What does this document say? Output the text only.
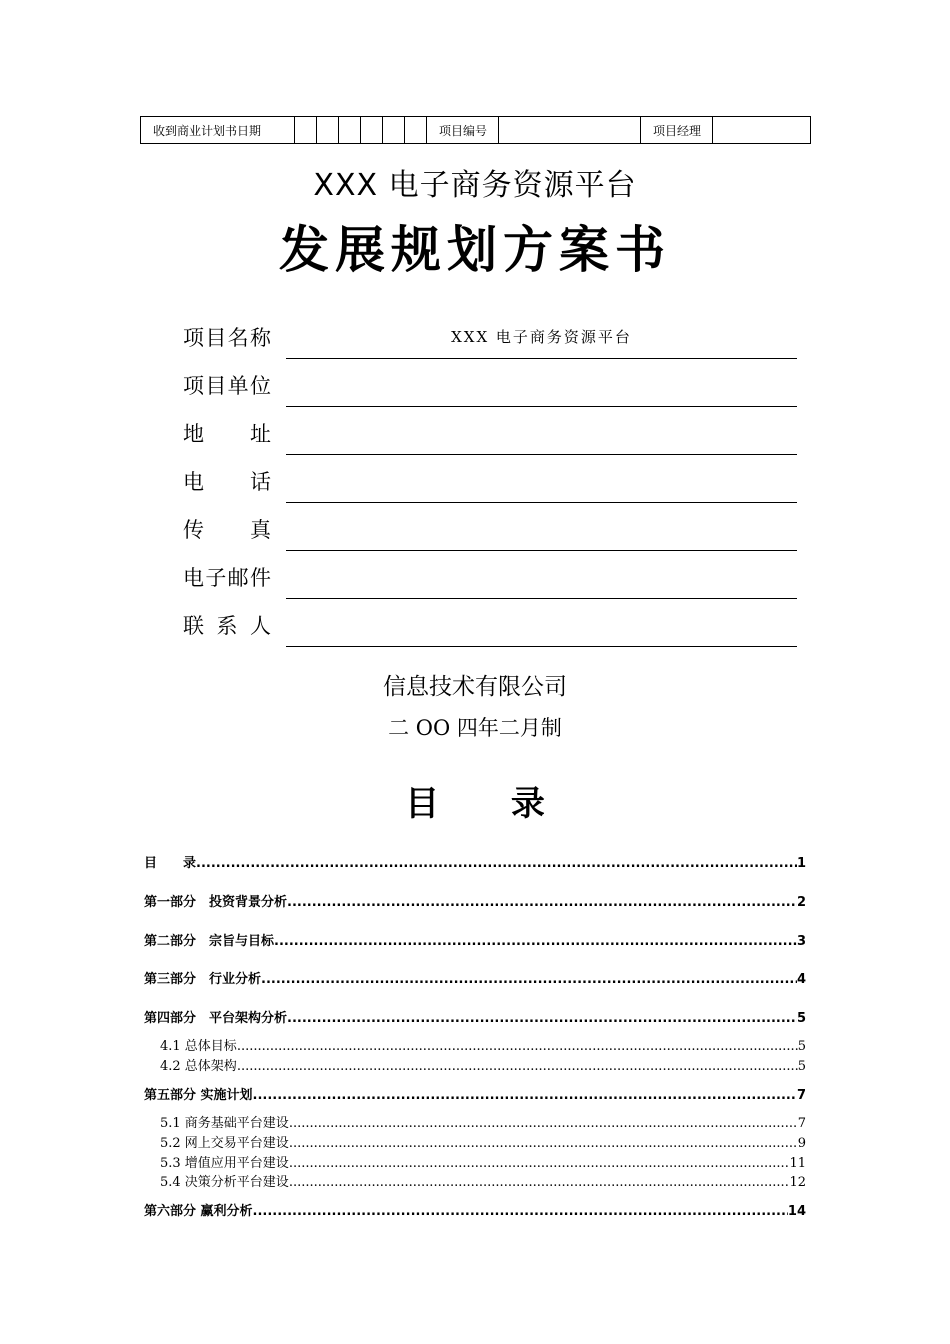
收到商业计划书日期							项目编号		项目经理	
XXX 电子商务资源平台
发展规划方案书
项目名称	XXX 电子商务资源平台
项目单位
地址
电话
传真
电子邮件
联系人
信息技术有限公司
二 OO 四年二月制
目 录
目　　录 .....	1
第一部分　投资背景分析 .....	2
第二部分　宗旨与目标 .....	3
第三部分　行业分析 .....	4
第四部分　平台架构分析 .....	5
4.1 总体目标 .....	5
4.2 总体架构 .....	5
第五部分 实施计划 .....	7
5.1 商务基础平台建设 .....	7
5.2 网上交易平台建设 .....	9
5.3 增值应用平台建设 .....	11
5.4 决策分析平台建设 .....	12
第六部分 赢利分析 .....	14
